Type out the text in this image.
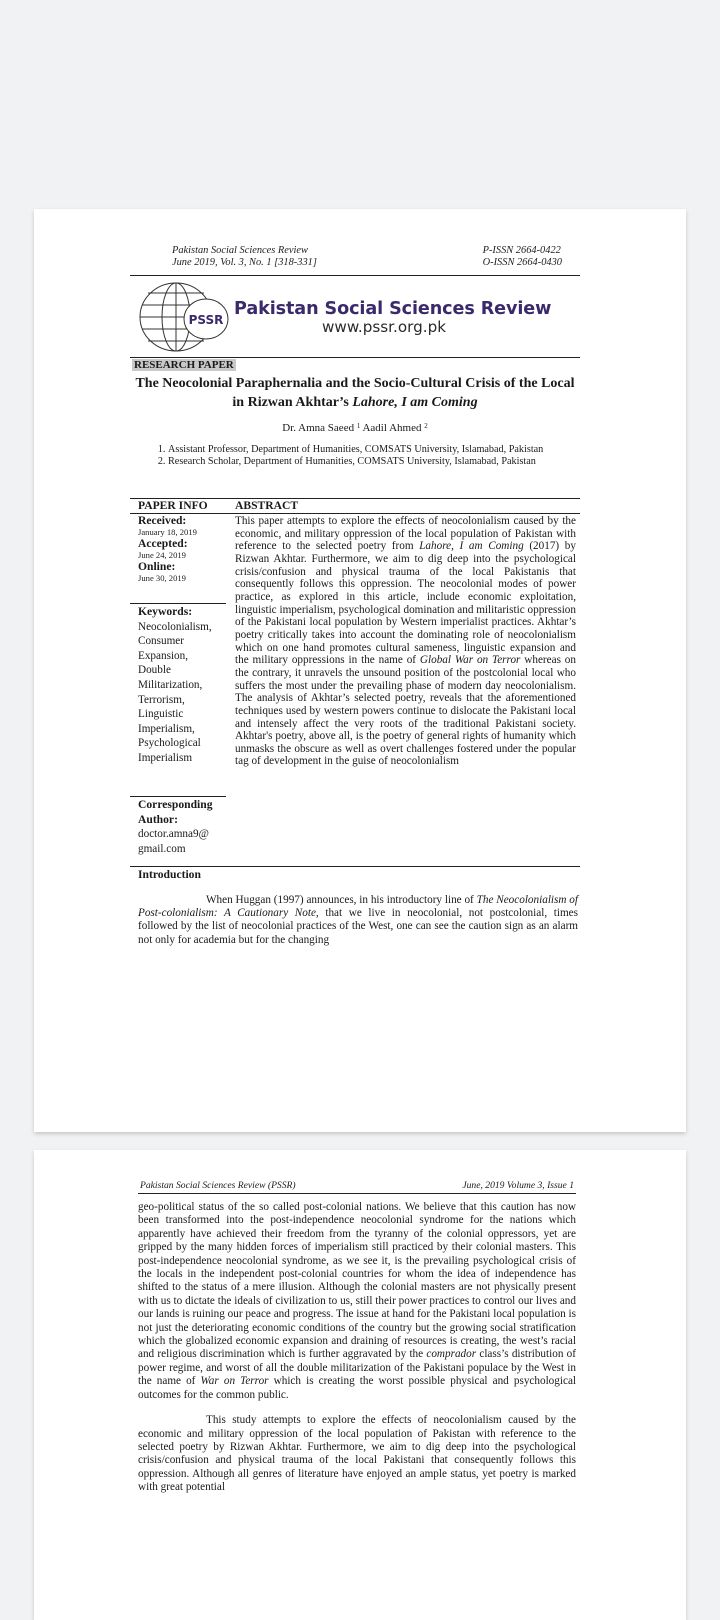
Pakistan Social Sciences Review
June 2019, Vol. 3, No. 1 [318-331]
P-ISSN 2664-0422
O-ISSN 2664-0430
PSSR
Pakistan Social Sciences Review
www.pssr.org.pk
RESEARCH PAPER
The Neocolonial Paraphernalia and the Socio-Cultural Crisis of the Local in Rizwan Akhtar’s Lahore, I am Coming
Dr. Amna Saeed $^1$ Aadil Ahmed $^2$
1. Assistant Professor, Department of Humanities, COMSATS University, Islamabad, Pakistan
2. Research Scholar, Department of Humanities, COMSATS University, Islamabad, Pakistan
PAPER INFO ABSTRACT
Received:
January 18, 2019
Accepted:
June 24, 2019
Online:
June 30, 2019
Keywords:
Neocolonialism,
Consumer
Expansion,
Double
Militarization,
Terrorism,
Linguistic
Imperialism,
Psychological
Imperialism
Corresponding
Author:
doctor.amna9@
gmail.com
This paper attempts to explore the effects of neocolonialism caused by the economic, and military oppression of the local population of Pakistan with reference to the selected poetry from Lahore, I am Coming (2017) by Rizwan Akhtar. Furthermore, we aim to dig deep into the psychological crisis/confusion and physical trauma of the local Pakistanis that consequently follows this oppression. The neocolonial modes of power practice, as explored in this article, include economic exploitation, linguistic imperialism, psychological domination and militaristic oppression of the Pakistani local population by Western imperialist practices. Akhtar’s poetry critically takes into account the dominating role of neocolonialism which on one hand promotes cultural sameness, linguistic expansion and the military oppressions in the name of Global War on Terror whereas on the contrary, it unravels the unsound position of the postcolonial local who suffers the most under the prevailing phase of modern day neocolonialism. The analysis of Akhtar’s selected poetry, reveals that the aforementioned techniques used by western powers continue to dislocate the Pakistani local and intensely affect the very roots of the traditional Pakistani society. Akhtar's poetry, above all, is the poetry of general rights of humanity which unmasks the obscure as well as overt challenges fostered under the popular tag of development in the guise of neocolonialism
Introduction
When Huggan (1997) announces, in his introductory line of The Neocolonialism of Post-colonialism: A Cautionary Note, that we live in neocolonial, not postcolonial, times followed by the list of neocolonial practices of the West, one can see the caution sign as an alarm not only for academia but for the changing
Pakistan Social Sciences Review (PSSR)	June, 2019 Volume 3, Issue 1

geo-political status of the so called post-colonial nations. We believe that this caution has now been transformed into the post-independence neocolonial syndrome for the nations which apparently have achieved their freedom from the tyranny of the colonial oppressors, yet are gripped by the many hidden forces of imperialism still practiced by their colonial masters. This post-independence neocolonial syndrome, as we see it, is the prevailing psychological crisis of the locals in the independent post-colonial countries for whom the idea of independence has shifted to the status of a mere illusion. Although the colonial masters are not physically present with us to dictate the ideals of civilization to us, still their power practices to control our lives and our lands is ruining our peace and progress. The issue at hand for the Pakistani local population is not just the deteriorating economic conditions of the country but the growing social stratification which the globalized economic expansion and draining of resources is creating, the west’s racial and religious discrimination which is further aggravated by the comprador class’s distribution of power regime, and worst of all the double militarization of the Pakistani populace by the West in the name of War on Terror which is creating the worst possible physical and psychological outcomes for the common public.

This study attempts to explore the effects of neocolonialism caused by the economic and military oppression of the local population of Pakistan with reference to the selected poetry by Rizwan Akhtar. Furthermore, we aim to dig deep into the psychological crisis/confusion and physical trauma of the local Pakistani that consequently follows this oppression. Although all genres of literature have enjoyed an ample status, yet poetry is marked with great potential
